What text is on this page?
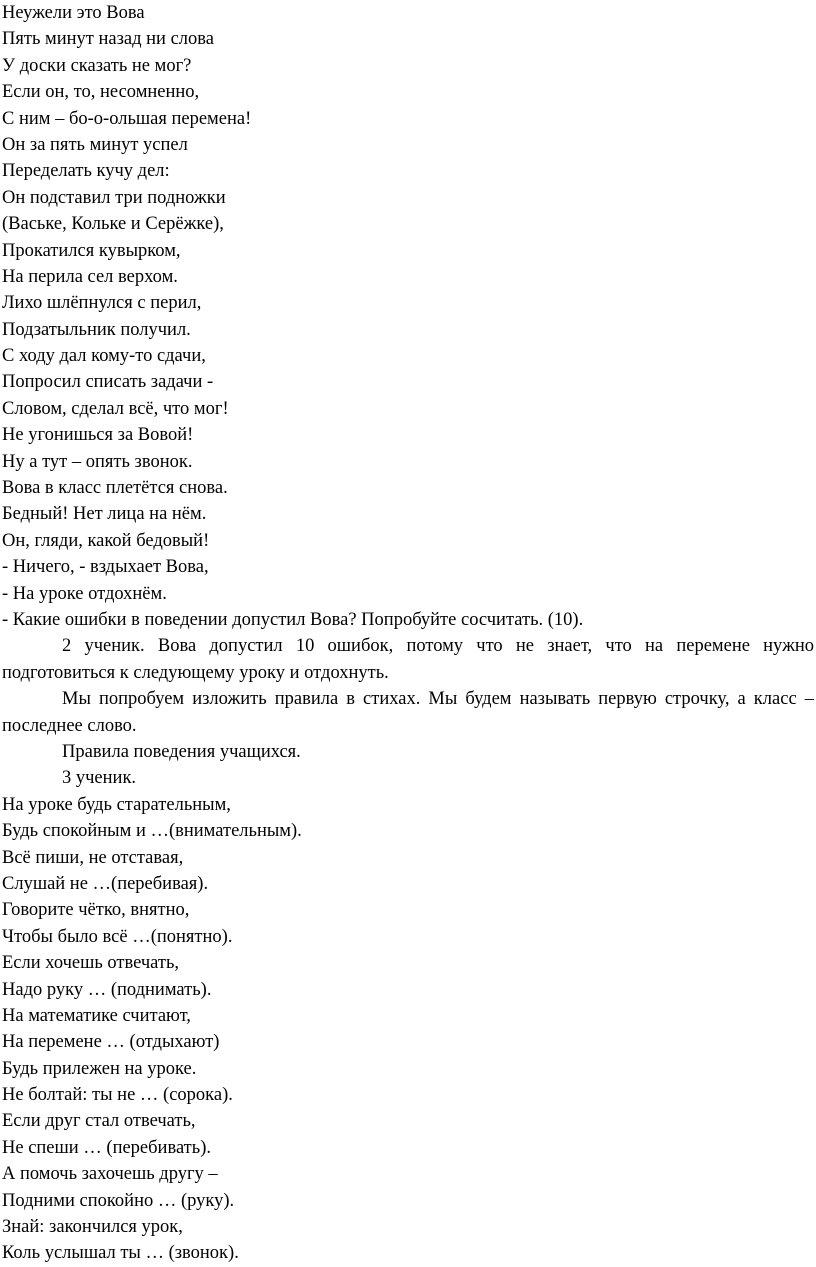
Неужели это Вова
Пять минут назад ни слова
У доски сказать не мог?
Если он, то, несомненно,
С ним – бо-о-ольшая перемена!
Он за пять минут успел
Переделать кучу дел:
Он подставил три подножки
(Ваське, Кольке и Серёжке),
Прокатился кувырком,
На перила сел верхом.
Лихо шлёпнулся с перил,
Подзатыльник получил.
С ходу дал кому-то сдачи,
Попросил списать задачи -
Словом, сделал всё, что мог!
Не угонишься за Вовой!
Ну а тут – опять звонок.
Вова в класс плетётся снова.
Бедный! Нет лица на нём.
Он, гляди, какой бедовый!
- Ничего, - вздыхает Вова,
- На уроке отдохнём.
- Какие ошибки в поведении допустил Вова? Попробуйте сосчитать. (10).

2 ученик. Вова допустил 10 ошибок, потому что не знает, что на перемене нужно подготовиться к следующему уроку и отдохнуть.

Мы попробуем изложить правила в стихах. Мы будем называть первую строчку, а класс – последнее слово.

Правила поведения учащихся.
3 ученик.
На уроке будь старательным,
Будь спокойным и …(внимательным).
Всё пиши, не отставая,
Слушай не …(перебивая).
Говорите чётко, внятно,
Чтобы было всё …(понятно).
Если хочешь отвечать,
Надо руку … (поднимать).
На математике считают,
На перемене … (отдыхают)
Будь прилежен на уроке.
Не болтай: ты не … (сорока).
Если друг стал отвечать,
Не спеши … (перебивать).
А помочь захочешь другу –
Подними спокойно … (руку).
Знай: закончился урок,
Коль услышал ты … (звонок).
